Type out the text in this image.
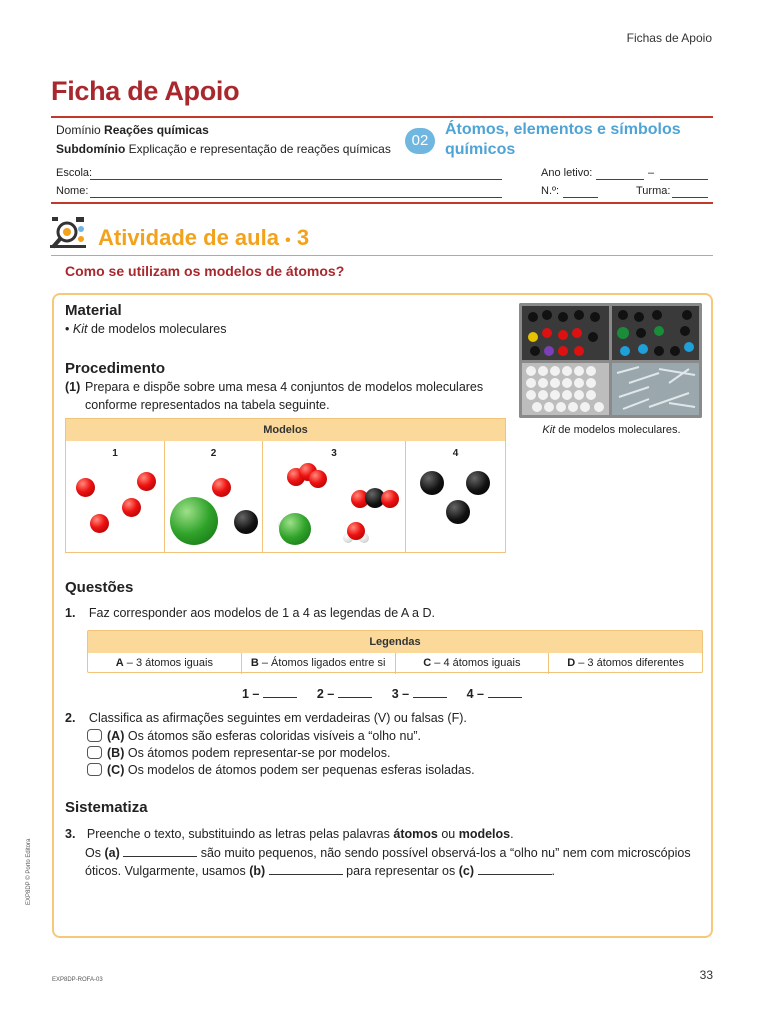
Fichas de Apoio
Ficha de Apoio
Domínio Reações químicas
Subdomínio Explicação e representação de reações químicas	02
Átomos, elementos e símbolos químicos
Escola:
Nome:
Ano letivo:	–
N.º:	Turma:
Atividade de aula • 3
Como se utilizam os modelos de átomos?
Material
• Kit de modelos moleculares
Kit de modelos moleculares.
Procedimento
(1) Prepara e dispõe sobre uma mesa 4 conjuntos de modelos moleculares conforme representados na tabela seguinte.
Modelos
1	2	3	4
Questões
1. Faz corresponder aos modelos de 1 a 4 as legendas de A a D.
Legendas
A – 3 átomos iguais	B – Átomos ligados entre si	C – 4 átomos iguais	D – 3 átomos diferentes
1 –	2 –	3 –	4 –
2. Classifica as afirmações seguintes em verdadeiras (V) ou falsas (F).
(A) Os átomos são esferas coloridas visíveis a “olho nu”.
(B) Os átomos podem representar-se por modelos.
(C) Os modelos de átomos podem ser pequenas esferas isoladas.
Sistematiza
3. Preenche o texto, substituindo as letras pelas palavras átomos ou modelos.
Os (a)	são muito pequenos, não sendo possível observá-los a “olho nu” nem com microscópios
óticos. Vulgarmente, usamos (b)	para representar os (c)	.
EXP8DP © Porto Editora
EXP8DP-ROFA-03	33
